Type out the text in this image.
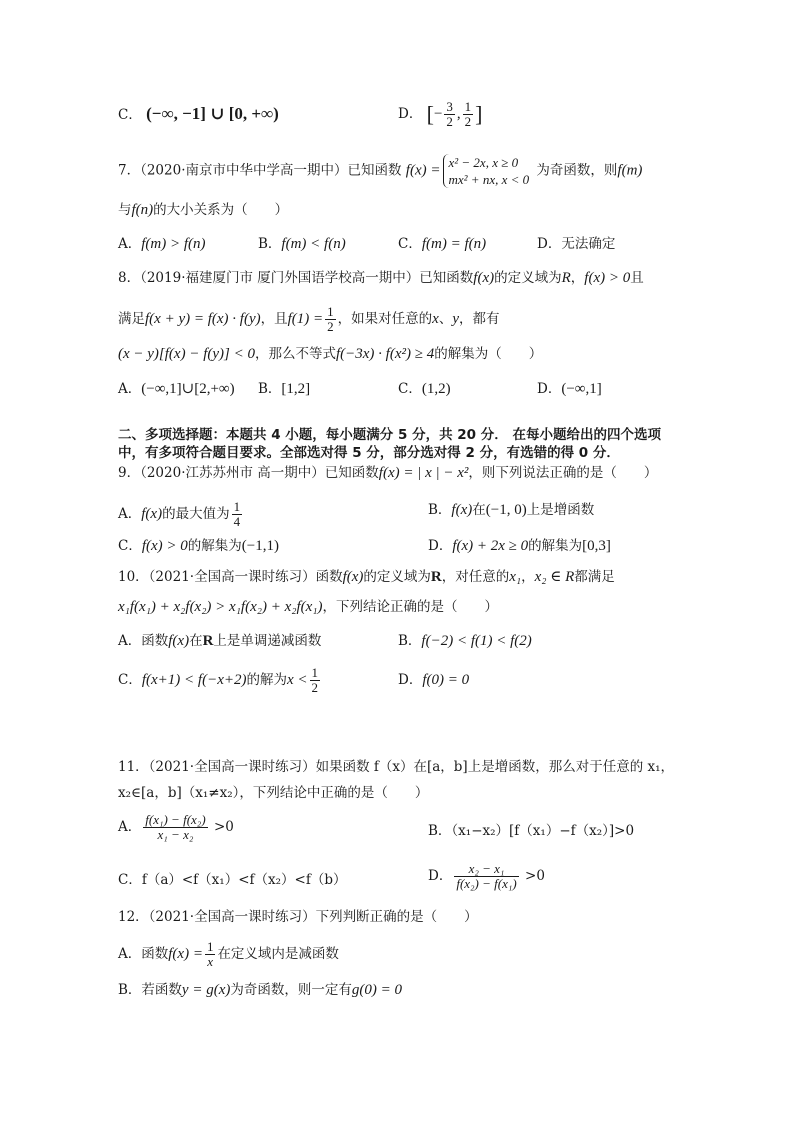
C． (−∞, −1] ∪ [0, +∞)	D． [− $\frac{3}{2}$ , $\frac{1}{2}$ ]
7．（2020·南京市中华中学高一期中）已知函数 f(x) = x² − 2x, x ≥ 0
mx² + nx, x < 0
为奇函数，则f(m)
与f(n)的大小关系为（　　）
A．f(m) > f(n)	B．f(m) < f(n)	C．f(m) = f(n)	D．无法确定
8．（2019·福建厦门市 厦门外国语学校高一期中）已知函数f(x)的定义域为R，f(x) > 0且
满足f(x + y) = f(x) · f(y)，且$f(1) = \frac{1}{2}$ ，如果对任意的x、y，都有
(x − y)[f(x) − f(y)] < 0，那么不等式f(−3x) · f(x²) ≥ 4的解集为（　　）
A．(−∞,1]∪[2,+∞) B．[1,2]	C．(1,2)	D．(−∞,1]
二、多项选择题：本题共 4 小题，每小题满分 5 分，共 20 分． 在每小题给出的四个选项
中，有多项符合题目要求。全部选对得 5 分，部分选对得 2 分，有选错的得 0 分．
9．（2020·江苏苏州市 高一期中）已知函数f(x) = | x | − x²，则下列说法正确的是（　　）
A．f(x)的最大值为 $\frac{1}{4}$	B．f(x)在(−1, 0)上是增函数
C．f(x) > 0的解集为(−1,1)	D．f(x) + 2x ≥ 0的解集为[0,3]
10．（2021·全国高一课时练习）函数f(x)的定义域为R，对任意的x₁，x₂ ∈ R都满足
x₁f(x₁) + x₂f(x₂) > x₁f(x₂) + x₂f(x₁)，下列结论正确的是（　　）
A．函数f(x)在R上是单调递减函数	B．f(−2) < f(1) < f(2)
C．f(x+1) < f(−x+2)的解为$x < \frac{1}{2}$	D．f(0) = 0
11．（2021·全国高一课时练习）如果函数 f（x）在[a，b]上是增函数，那么对于任意的 x₁，
x₂∈[a，b]（x₁≠x₂），下列结论中正确的是（　　）
A． $\frac{\text{f(x₁) − f(x₂)}}{\text{x₁ − x₂}} >0$	B．（x₁−x₂）[f（x₁）−f（x₂）]>0
C．f（a）<f（x₁）<f（x₂）<f（b）	D． $\frac{\text{x₂ − x₁}}{\text{f(x₂) − f(x₁)}} >0$
12．（2021·全国高一课时练习）下列判断正确的是（　　）
A．函数$f(x) = \frac{1}{x}$ 在定义域内是减函数
B．若函数y = g(x)为奇函数，则一定有g(0) = 0
